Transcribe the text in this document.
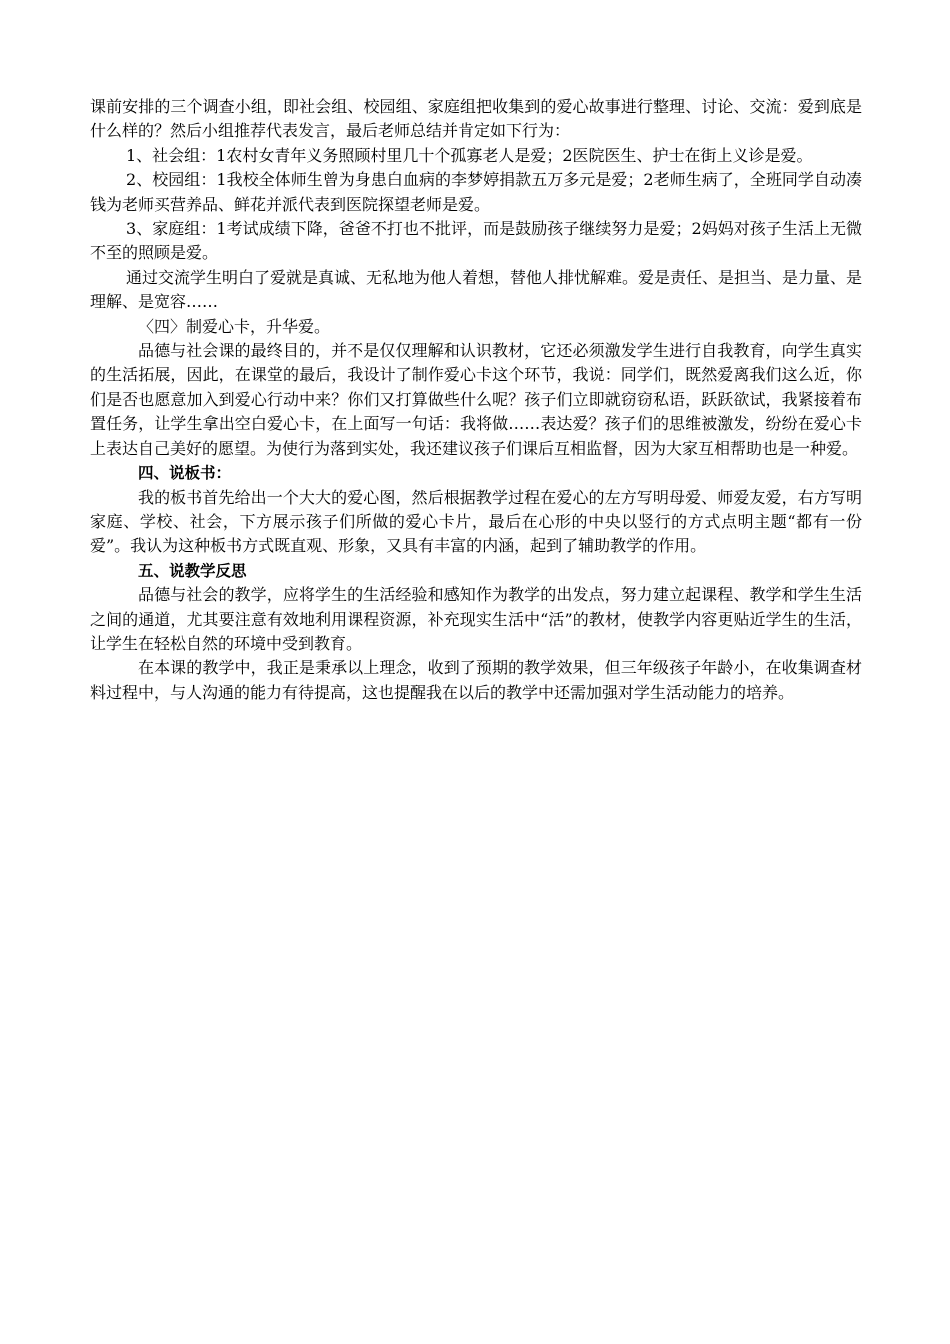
课前安排的三个调查小组，即社会组、校园组、家庭组把收集到的爱心故事进行整理、讨论、交流：爱到底是什么样的？然后小组推荐代表发言，最后老师总结并肯定如下行为：

1、社会组：1农村女青年义务照顾村里几十个孤寡老人是爱；2医院医生、护士在街上义诊是爱。

2、校园组：1我校全体师生曾为身患白血病的李梦婷捐款五万多元是爱；2老师生病了，全班同学自动凑钱为老师买营养品、鲜花并派代表到医院探望老师是爱。

3、家庭组：1考试成绩下降，爸爸不打也不批评，而是鼓励孩子继续努力是爱；2妈妈对孩子生活上无微不至的照顾是爱。

通过交流学生明白了爱就是真诚、无私地为他人着想，替他人排忧解难。爱是责任、是担当、是力量、是理解、是宽容……

〈四〉制爱心卡，升华爱。

品德与社会课的最终目的，并不是仅仅理解和认识教材，它还必须激发学生进行自我教育，向学生真实的生活拓展，因此，在课堂的最后，我设计了制作爱心卡这个环节，我说：同学们，既然爱离我们这么近，你们是否也愿意加入到爱心行动中来？你们又打算做些什么呢？孩子们立即就窃窃私语，跃跃欲试，我紧接着布置任务，让学生拿出空白爱心卡，在上面写一句话：我将做……表达爱？孩子们的思维被激发，纷纷在爱心卡上表达自己美好的愿望。为使行为落到实处，我还建议孩子们课后互相监督，因为大家互相帮助也是一种爱。

四、说板书：

我的板书首先给出一个大大的爱心图，然后根据教学过程在爱心的左方写明母爱、师爱友爱，右方写明家庭、学校、社会，下方展示孩子们所做的爱心卡片，最后在心形的中央以竖行的方式点明主题“都有一份爱”。我认为这种板书方式既直观、形象，又具有丰富的内涵，起到了辅助教学的作用。

五、说教学反思

品德与社会的教学，应将学生的生活经验和感知作为教学的出发点，努力建立起课程、教学和学生生活之间的通道，尤其要注意有效地利用课程资源，补充现实生活中“活”的教材，使教学内容更贴近学生的生活，让学生在轻松自然的环境中受到教育。

在本课的教学中，我正是秉承以上理念，收到了预期的教学效果，但三年级孩子年龄小，在收集调查材料过程中，与人沟通的能力有待提高，这也提醒我在以后的教学中还需加强对学生活动能力的培养。
